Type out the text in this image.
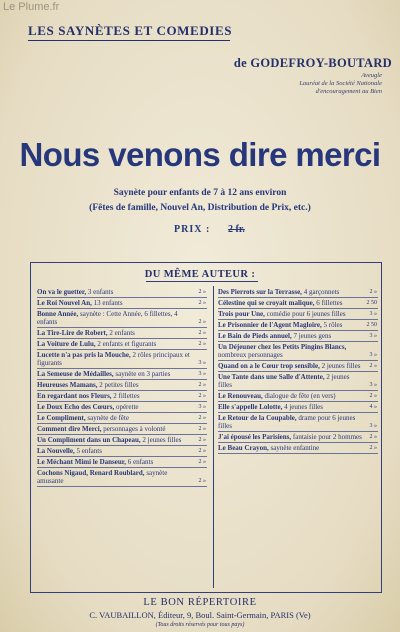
Le Plume.fr
LES SAYNÈTES ET COMEDIES
de GODEFROY-BOUTARD
Aveugle
Lauréat de la Société Nationale
d'encouragement au Bien
Nous venons dire merci
Saynète pour enfants de 7 à 12 ans environ
(Fêtes de famille, Nouvel An, Distribution de Prix, etc.)
PRIX : 2 fr.
DU MÊME AUTEUR :
On va le guetter, 3 enfants	2 »
Le Roi Nouvel An, 13 enfants	2 »
Bonne Année, saynète : Cette Année, 6 fillettes, 4 enfants	2 »
La Tire-Lire de Robert, 2 enfants	2 »
La Voiture de Lulu, 2 enfants et figurants	2 »
Lucette n'a pas pris la Mouche, 2 rôles principaux et figurants	3 »
La Semeuse de Médailles, saynète en 3 parties	3 »
Heureuses Mamans, 2 petites filles	2 »
En regardant nos Fleurs, 2 fillettes	2 »
Le Doux Echo des Cœurs, opérette	3 »
Le Compliment, saynète de fête	2 »
Comment dire Merci, personnages à volonté	2 »
Un Compliment dans un Chapeau, 2 jeunes filles	2 »
La Nouvelle, 5 enfants	2 »
Le Méchant Mimi le Danseur, 6 enfants	2 »
Cochons Nigaud, Renard Roublard, saynète amusante	2 »
Des Pierrots sur la Terrasse, 4 garçonnets	2 »
Célestine qui se croyait malique, 6 fillettes	2 50
Trois pour Une, comédie pour 6 jeunes filles	3 »
Le Prisonnier de l'Agent Magloire, 5 rôles	2 50
Le Bain de Pieds annuel, 7 jeunes gens	3 »
Un Déjeuner chez les Petits Pingins Blancs, nombreux personnages	3 »
Quand on a le Cœur trop sensible, 2 jeunes filles 2 »
Une Tante dans une Salle d'Attente, 2 jeunes filles	3 »
Le Renouveau, dialogue de fête (en vers)	2 »
Elle s'appelle Lolotte, 4 jeunes filles	4 »
Le Retour de la Coupable, drame pour 6 jeunes filles	3 »
J'ai épousé les Parisiens, fantaisie pour 2 hommes 2 »
Le Beau Crayon, saynète enfantine	2 »
LE BON RÉPERTOIRE
C. VAUBAILLON, Éditeur, 9, Boul. Saint-Germain, PARIS (Ve)
(Tous droits réservés pour tous pays)
